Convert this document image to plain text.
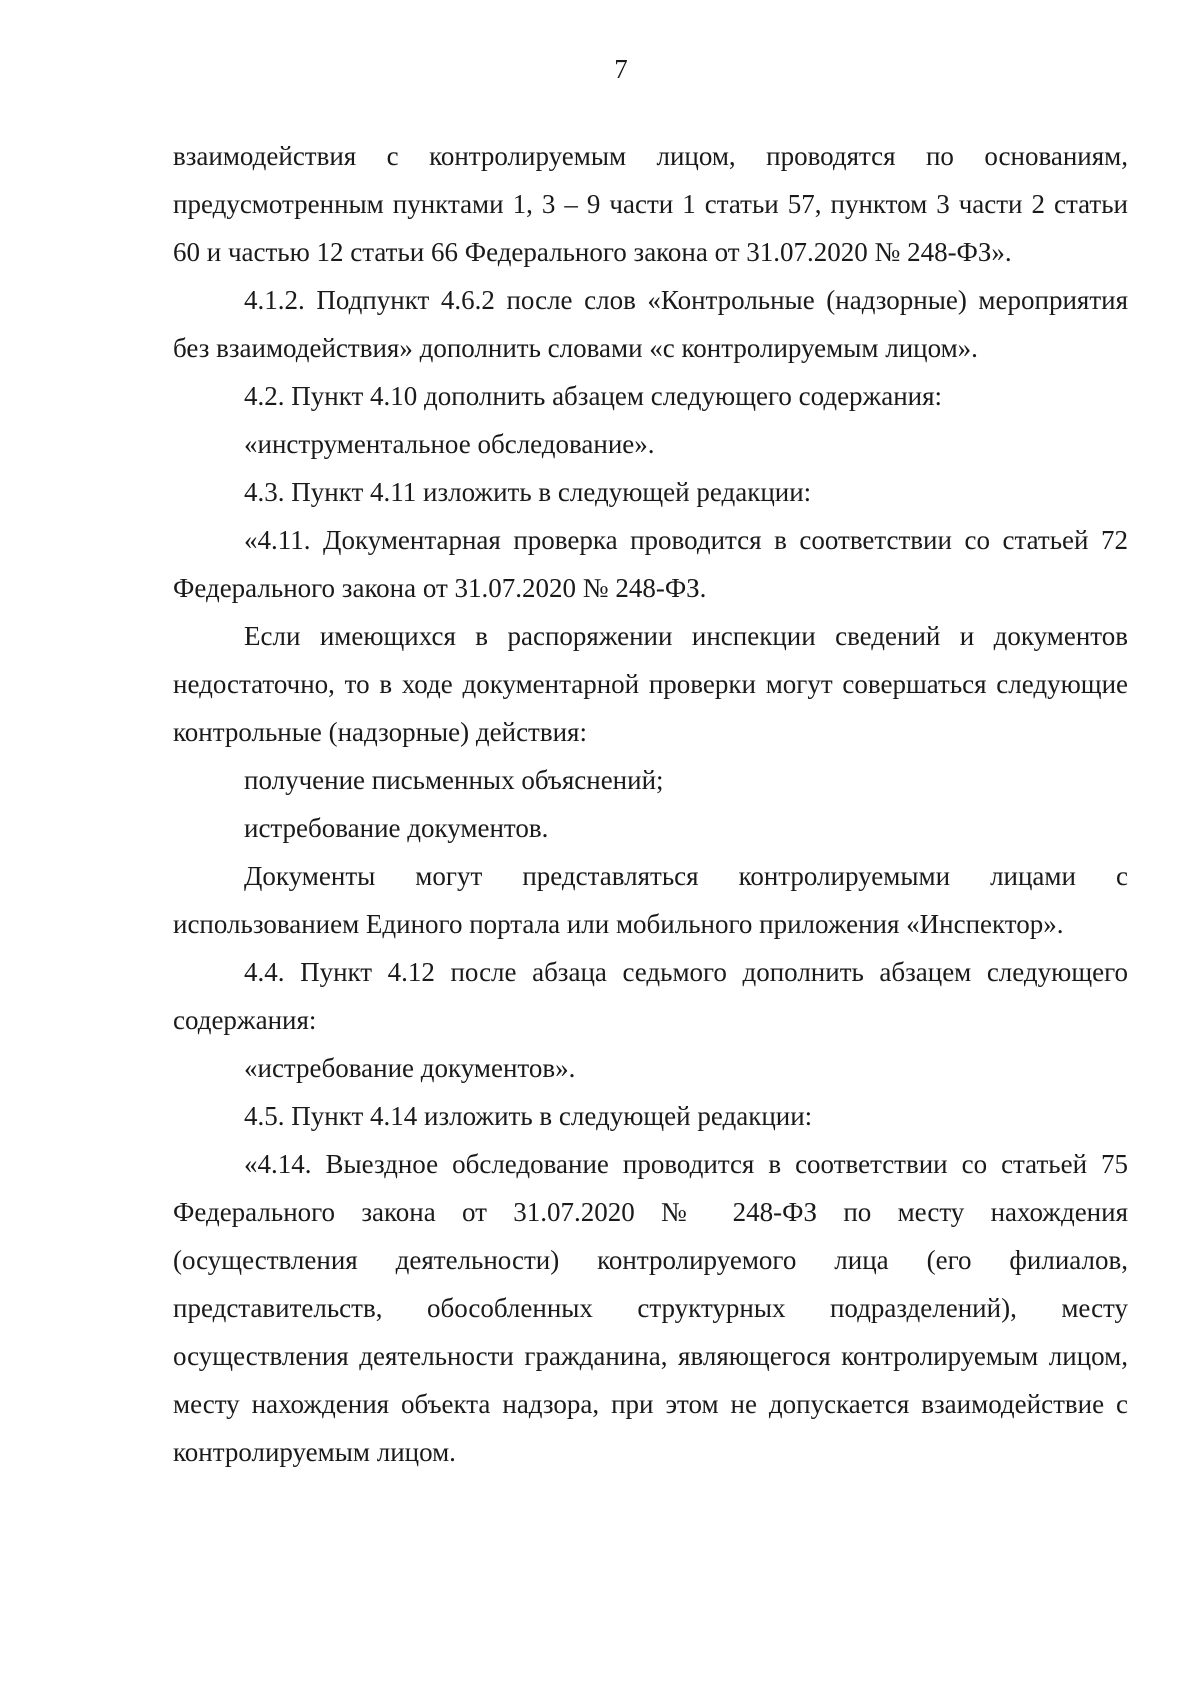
7

взаимодействия с контролируемым лицом, проводятся по основаниям, предусмотренным пунктами 1, 3 – 9 части 1 статьи 57, пунктом 3 части 2 статьи 60 и частью 12 статьи 66 Федерального закона от 31.07.2020 № 248-ФЗ».

4.1.2. Подпункт 4.6.2 после слов «Контрольные (надзорные) мероприятия без взаимодействия» дополнить словами «с контролируемым лицом».

4.2. Пункт 4.10 дополнить абзацем следующего содержания:

«инструментальное обследование».

4.3. Пункт 4.11 изложить в следующей редакции:

«4.11. Документарная проверка проводится в соответствии со статьей 72 Федерального закона от 31.07.2020 № 248-ФЗ.

Если имеющихся в распоряжении инспекции сведений и документов недостаточно, то в ходе документарной проверки могут совершаться следующие контрольные (надзорные) действия:

получение письменных объяснений;

истребование документов.

Документы могут представляться контролируемыми лицами с использованием Единого портала или мобильного приложения «Инспектор».

4.4. Пункт 4.12 после абзаца седьмого дополнить абзацем следующего содержания:

«истребование документов».

4.5. Пункт 4.14 изложить в следующей редакции:

«4.14. Выездное обследование проводится в соответствии со статьей 75 Федерального закона от 31.07.2020 № 248-ФЗ по месту нахождения (осуществления деятельности) контролируемого лица (его филиалов, представительств, обособленных структурных подразделений), месту осуществления деятельности гражданина, являющегося контролируемым лицом, месту нахождения объекта надзора, при этом не допускается взаимодействие с контролируемым лицом.
